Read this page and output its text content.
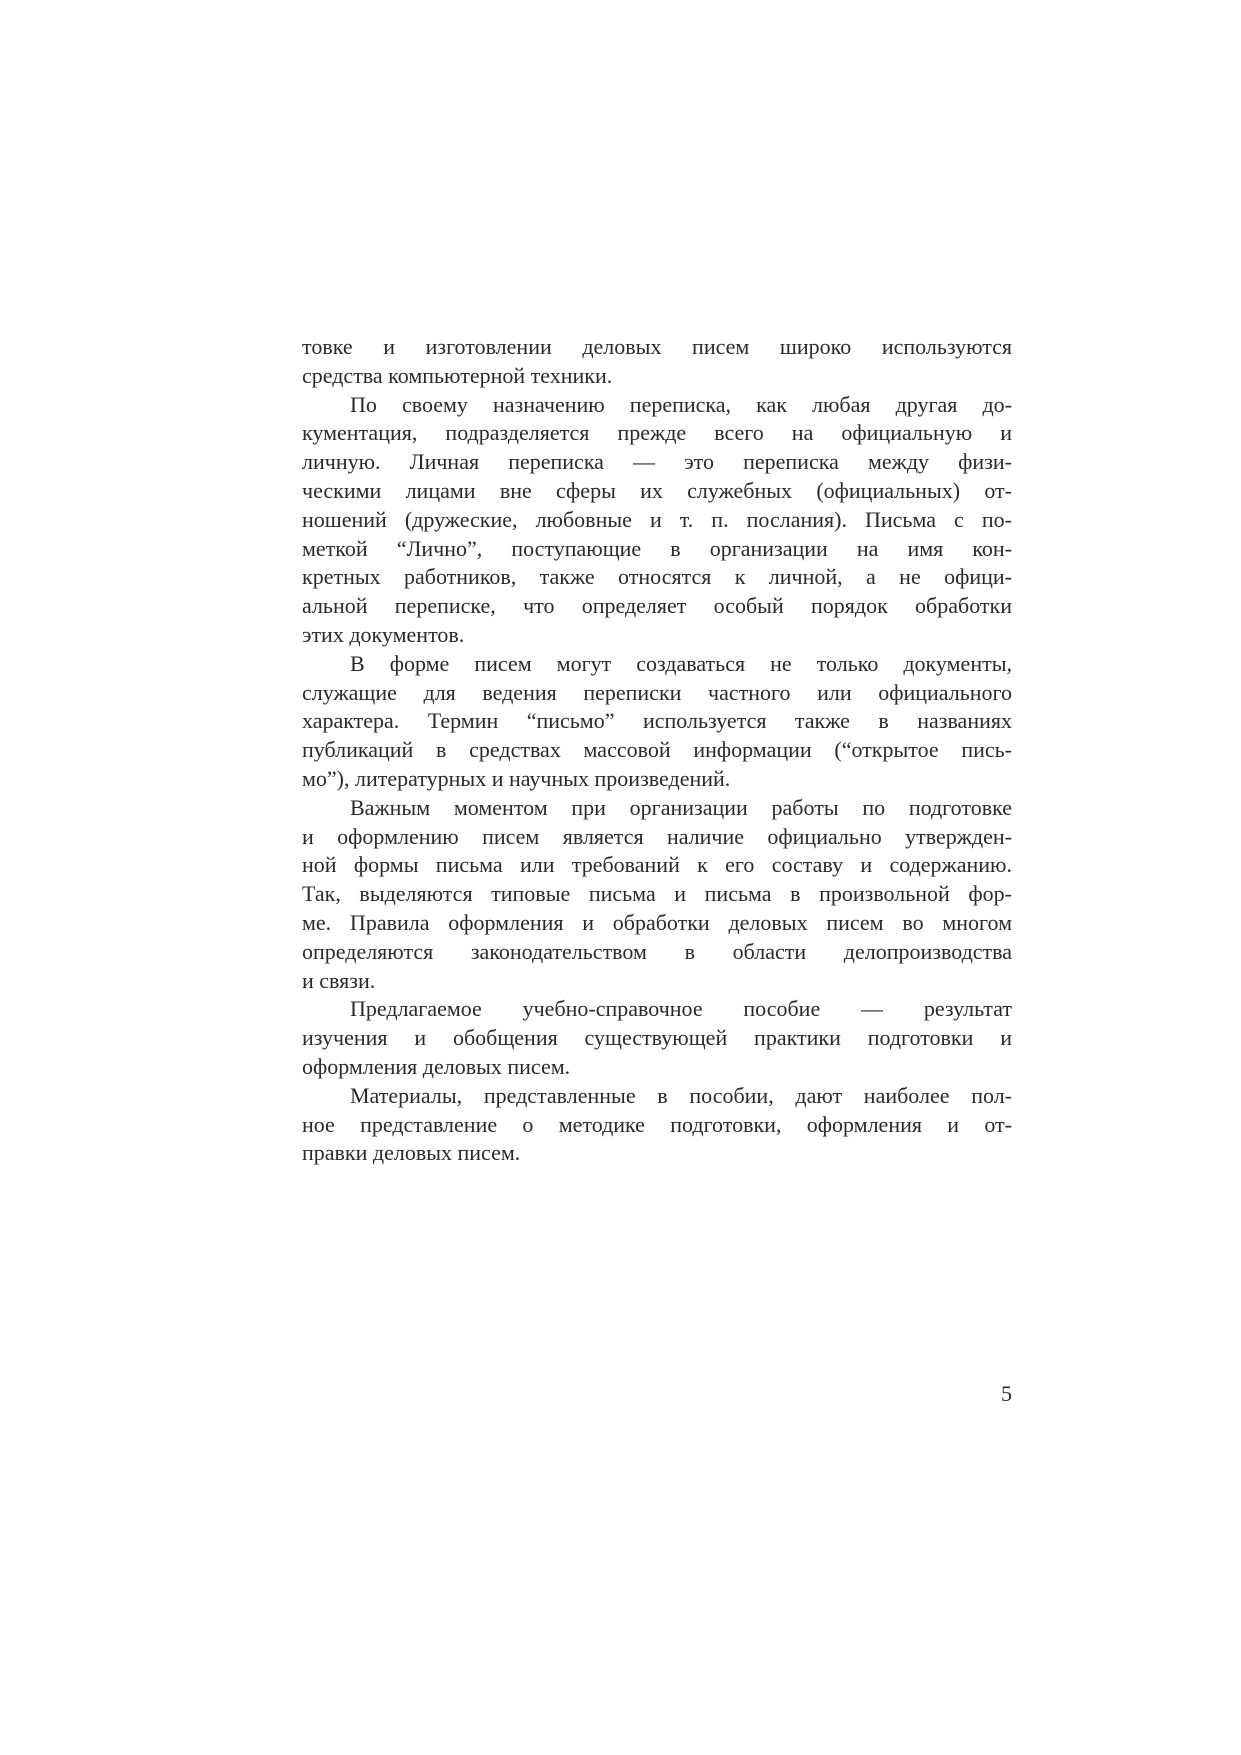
товке и изготовлении деловых писем широко используются
средства компьютерной техники.
По своему назначению переписка, как любая другая до-
кументация, подразделяется прежде всего на официальную и
личную. Личная переписка — это переписка между физи-
ческими лицами вне сферы их служебных (официальных) от-
ношений (дружеские, любовные и т. п. послания). Письма с по-
меткой “Лично”, поступающие в организации на имя кон-
кретных работников, также относятся к личной, а не офици-
альной переписке, что определяет особый порядок обработки
этих документов.
В форме писем могут создаваться не только документы,
служащие для ведения переписки частного или официального
характера. Термин “письмо” используется также в названиях
публикаций в средствах массовой информации (“открытое пись-
мо”), литературных и научных произведений.
Важным моментом при организации работы по подготовке
и оформлению писем является наличие официально утвержден-
ной формы письма или требований к его составу и содержанию.
Так, выделяются типовые письма и письма в произвольной фор-
ме. Правила оформления и обработки деловых писем во многом
определяются законодательством в области делопроизводства
и связи.
Предлагаемое учебно-справочное пособие — результат
изучения и обобщения существующей практики подготовки и
оформления деловых писем.
Материалы, представленные в пособии, дают наиболее пол-
ное представление о методике подготовки, оформления и от-
правки деловых писем.
5
